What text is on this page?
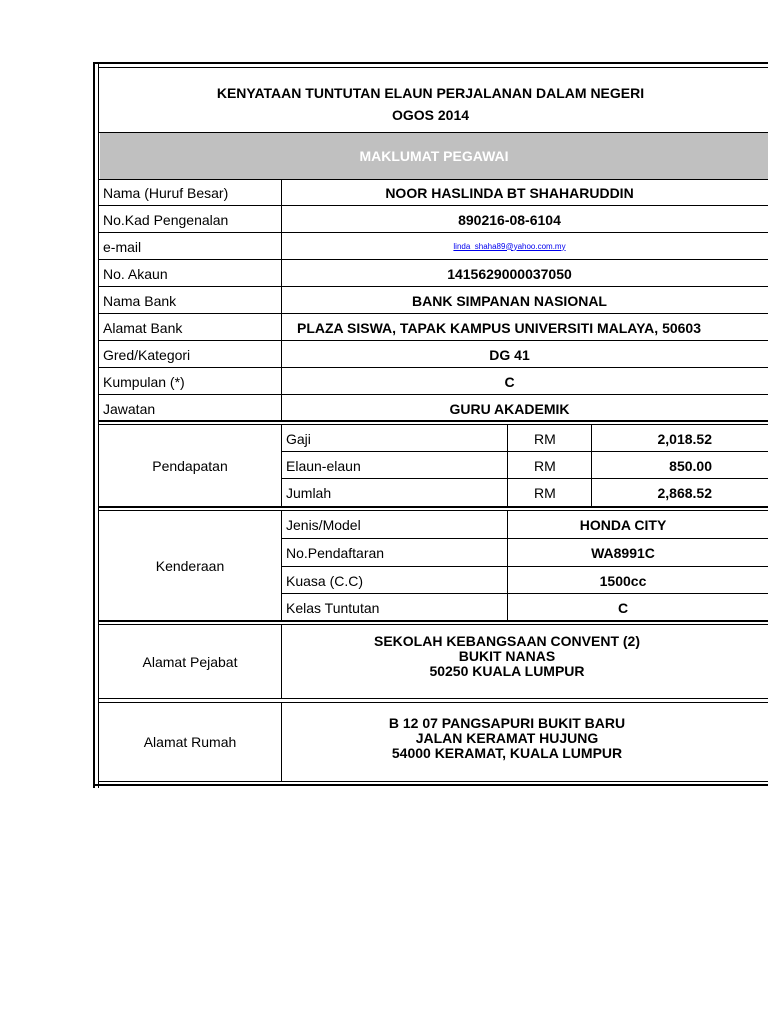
KENYATAAN TUNTUTAN ELAUN PERJALANAN DALAM NEGERI
OGOS 2014
MAKLUMAT PEGAWAI
Nama (Huruf Besar)	NOOR HASLINDA BT SHAHARUDDIN
No.Kad Pengenalan	890216-08-6104
e-mail	linda_shaha89@yahoo.com.my
No. Akaun	1415629000037050
Nama Bank	BANK SIMPANAN NASIONAL
Alamat Bank	PLAZA SISWA, TAPAK KAMPUS UNIVERSITI MALAYA, 50603
Gred/Kategori	DG 41
Kumpulan (*)	C
Jawatan	GURU AKADEMIK
Pendapatan
Gaji	RM	2,018.52
Elaun-elaun	RM	850.00
Jumlah	RM	2,868.52
Kenderaan
Jenis/Model	HONDA CITY
No.Pendaftaran	WA8991C
Kuasa (C.C)	1500cc
Kelas Tuntutan	C
Alamat Pejabat
SEKOLAH KEBANGSAAN CONVENT (2)
BUKIT NANAS
50250 KUALA LUMPUR
Alamat Rumah
B 12 07 PANGSAPURI BUKIT BARU
JALAN KERAMAT HUJUNG
54000 KERAMAT, KUALA LUMPUR
